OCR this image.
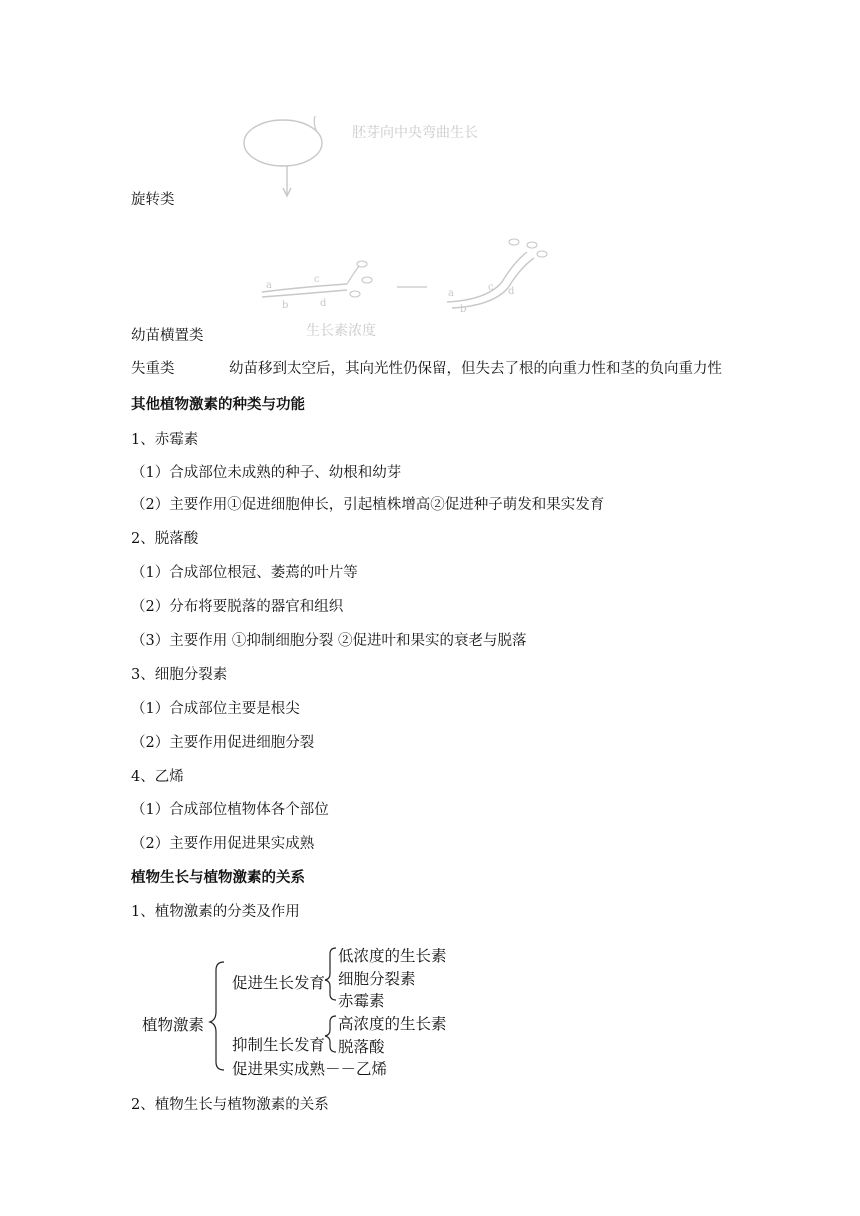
胚芽向中央弯曲生长
旋转类
a
c
b	d
a
c
b
d
幼苗横置类	生长素浓度
失重类	幼苗移到太空后，其向光性仍保留，但失去了根的向重力性和茎的负向重力性
其他植物激素的种类与功能
1、赤霉素
（1）合成部位未成熟的种子、幼根和幼芽
（2）主要作用①促进细胞伸长，引起植株增高②促进种子萌发和果实发育
2、脱落酸
（1）合成部位根冠、萎蔫的叶片等
（2）分布将要脱落的器官和组织
（3）主要作用 ①抑制细胞分裂 ②促进叶和果实的衰老与脱落
3、细胞分裂素
（1）合成部位主要是根尖
（2）主要作用促进细胞分裂
4、乙烯
（1）合成部位植物体各个部位
（2）主要作用促进果实成熟
植物生长与植物激素的关系
1、植物激素的分类及作用
植物激素
促进生长发育
低浓度的生长素
细胞分裂素
赤霉素
抑制生长发育
高浓度的生长素
脱落酸
促进果实成熟－－乙烯
2、植物生长与植物激素的关系
